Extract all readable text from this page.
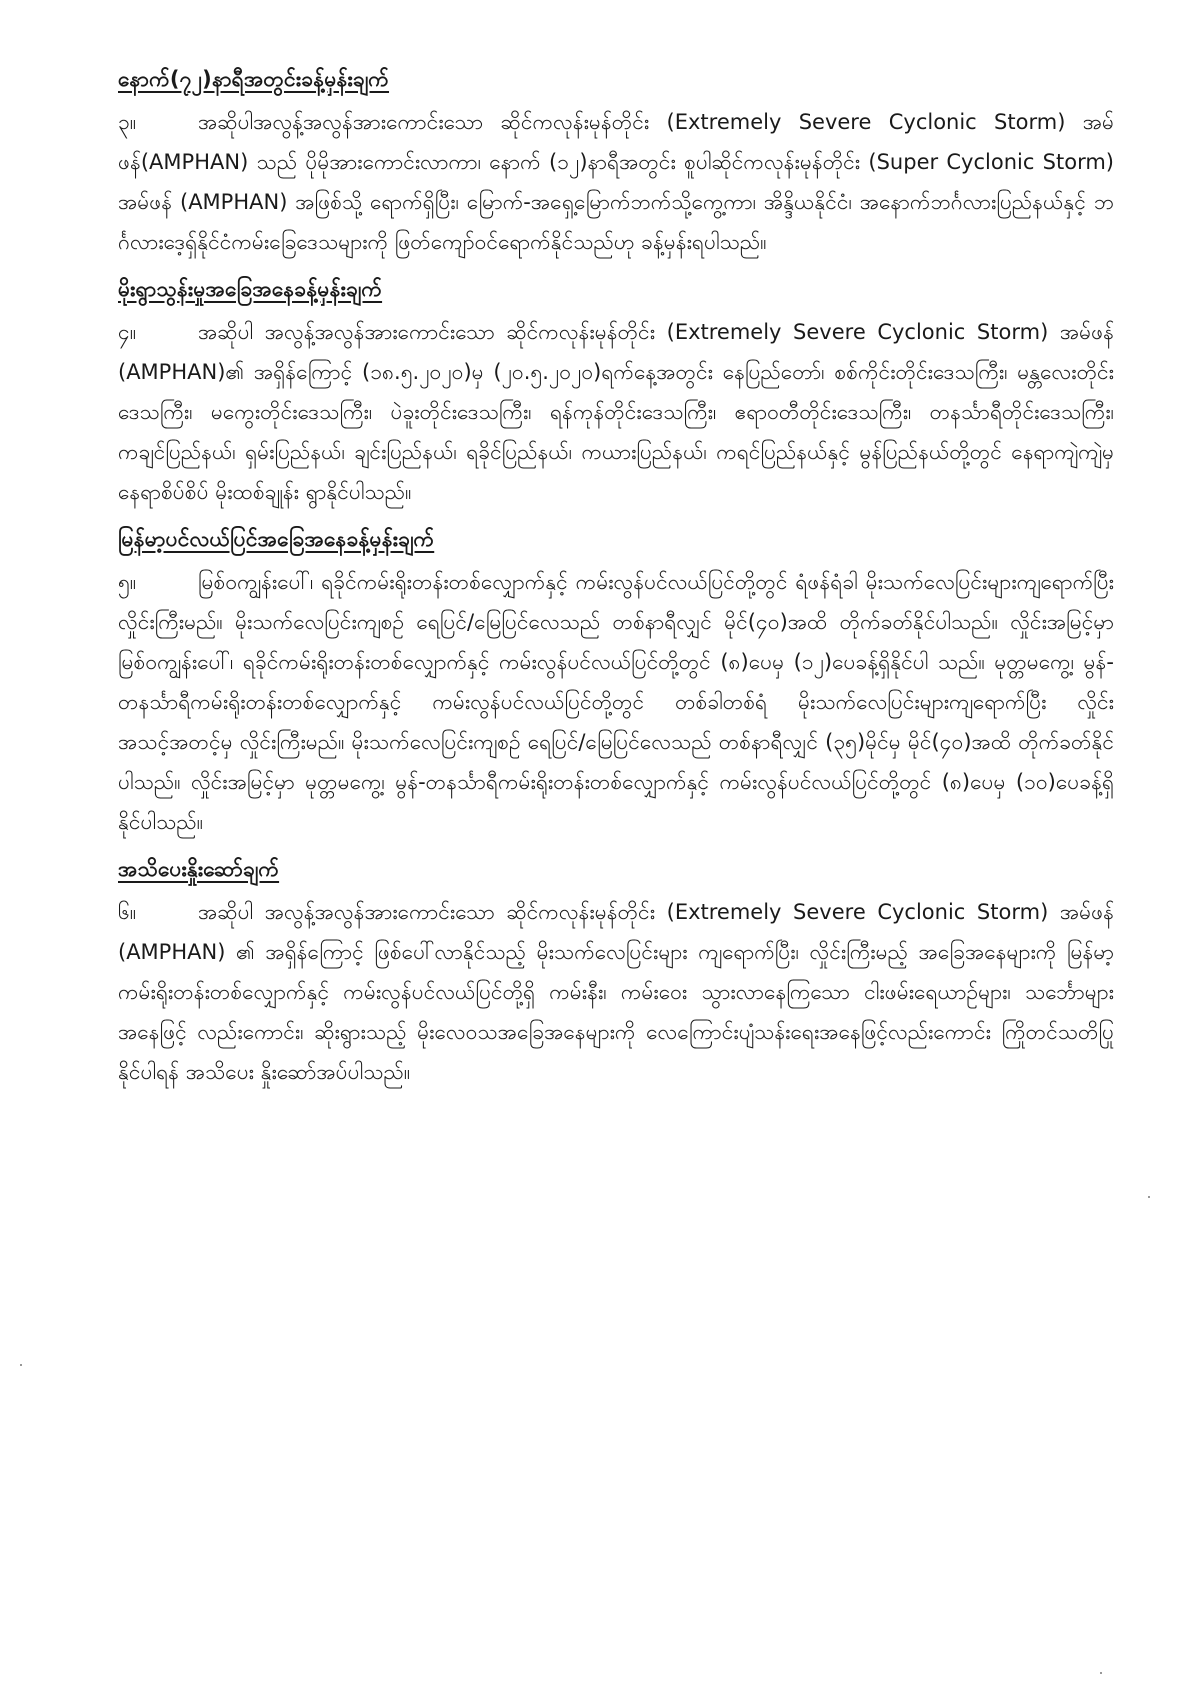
နောက်(၇၂)နာရီအတွင်းခန့်မှန်းချက်

၃။	အဆိုပါအလွန့်အလွန်အားကောင်းသော ဆိုင်ကလုန်းမုန်တိုင်း (Extremely Severe Cyclonic Storm) အမ်ဖန်(AMPHAN) သည် ပိုမိုအားကောင်းလာကာ၊ နောက် (၁၂)နာရီအတွင်း စူပါဆိုင်ကလုန်းမုန်တိုင်း (Super Cyclonic Storm) အမ်ဖန် (AMPHAN) အဖြစ်သို့ ရောက်ရှိပြီး၊ မြောက်-အရှေ့မြောက်ဘက်သို့ကွေ့ကာ၊ အိန္ဒိယနိုင်ငံ၊ အနောက်ဘင်္ဂလားပြည်နယ်နှင့် ဘင်္ဂလားဒေ့ရှ်နိုင်ငံကမ်းခြေဒေသများကို ဖြတ်ကျော်ဝင်ရောက်နိုင်သည်ဟု ခန့်မှန်းရပါသည်။

မိုးရွာသွန်းမှုအခြေအနေခန့်မှန်းချက်

၄။	အဆိုပါ အလွန့်အလွန်အားကောင်းသော ဆိုင်ကလုန်းမုန်တိုင်း (Extremely Severe Cyclonic Storm) အမ်ဖန် (AMPHAN)၏ အရှိန်ကြောင့် (၁၈.၅.၂၀၂၀)မှ (၂၀.၅.၂၀၂၀)ရက်နေ့အတွင်း နေပြည်တော်၊ စစ်ကိုင်းတိုင်းဒေသကြီး၊ မန္တလေးတိုင်းဒေသကြီး၊ မကွေးတိုင်းဒေသကြီး၊ ပဲခူးတိုင်းဒေသကြီး၊ ရန်ကုန်တိုင်းဒေသကြီး၊ ဧရာဝတီတိုင်းဒေသကြီး၊ တနင်္သာရီတိုင်းဒေသကြီး၊ ကချင်ပြည်နယ်၊ ရှမ်းပြည်နယ်၊ ချင်းပြည်နယ်၊ ရခိုင်ပြည်နယ်၊ ကယားပြည်နယ်၊ ကရင်ပြည်နယ်နှင့် မွန်ပြည်နယ်တို့တွင် နေရာကျဲကျဲမှ နေရာစိပ်စိပ် မိုးထစ်ချုန်း ရွာနိုင်ပါသည်။

မြန်မာ့ပင်လယ်ပြင်အခြေအနေခန့်မှန်းချက်

၅။	မြစ်ဝကျွန်းပေါ်၊ ရခိုင်ကမ်းရိုးတန်းတစ်လျှောက်နှင့် ကမ်းလွန်ပင်လယ်ပြင်တို့တွင် ရံဖန်ရံခါ မိုးသက်လေပြင်းများကျရောက်ပြီး လှိုင်းကြီးမည်။ မိုးသက်လေပြင်းကျစဉ် ရေပြင်/မြေပြင်လေသည် တစ်နာရီလျှင် မိုင်(၄၀)အထိ တိုက်ခတ်နိုင်ပါသည်။ လှိုင်းအမြင့်မှာ မြစ်ဝကျွန်းပေါ်၊ ရခိုင်ကမ်းရိုးတန်းတစ်လျှောက်နှင့် ကမ်းလွန်ပင်လယ်ပြင်တို့တွင် (၈)ပေမှ (၁၂)ပေခန့်ရှိနိုင်ပါ သည်။ မုတ္တမကွေ့၊ မွန်-တနင်္သာရီကမ်းရိုးတန်းတစ်လျှောက်နှင့် ကမ်းလွန်ပင်လယ်ပြင်တို့တွင် တစ်ခါတစ်ရံ မိုးသက်လေပြင်းများကျရောက်ပြီး လှိုင်းအသင့်အတင့်မှ လှိုင်းကြီးမည်။ မိုးသက်လေပြင်းကျစဉ် ရေပြင်/မြေပြင်လေသည် တစ်နာရီလျှင် (၃၅)မိုင်မှ မိုင်(၄၀)အထိ တိုက်ခတ်နိုင်ပါသည်။ လှိုင်းအမြင့်မှာ မုတ္တမကွေ့၊ မွန်-တနင်္သာရီကမ်းရိုးတန်းတစ်လျှောက်နှင့် ကမ်းလွန်ပင်လယ်ပြင်တို့တွင် (၈)ပေမှ (၁၀)ပေခန့်ရှိနိုင်ပါသည်။

အသိပေးနှိုးဆော်ချက်

၆။	အဆိုပါ အလွန့်အလွန်အားကောင်းသော ဆိုင်ကလုန်းမုန်တိုင်း (Extremely Severe Cyclonic Storm) အမ်ဖန် (AMPHAN) ၏ အရှိန်ကြောင့် ဖြစ်ပေါ်လာနိုင်သည့် မိုးသက်လေပြင်းများ ကျရောက်ပြီး၊ လှိုင်းကြီးမည့် အခြေအနေများကို မြန်မာ့ကမ်းရိုးတန်းတစ်လျှောက်နှင့် ကမ်းလွန်ပင်လယ်ပြင်တို့ရှိ ကမ်းနီး၊ ကမ်းဝေး သွားလာနေကြသော ငါးဖမ်းရေယာဉ်များ၊ သင်္ဘောများအနေဖြင့် လည်းကောင်း၊ ဆိုးရွားသည့် မိုးလေဝသအခြေအနေများကို လေကြောင်းပျံသန်းရေးအနေဖြင့်လည်းကောင်း ကြိုတင်သတိပြုနိုင်ပါရန် အသိပေး နှိုးဆော်အပ်ပါသည်။
